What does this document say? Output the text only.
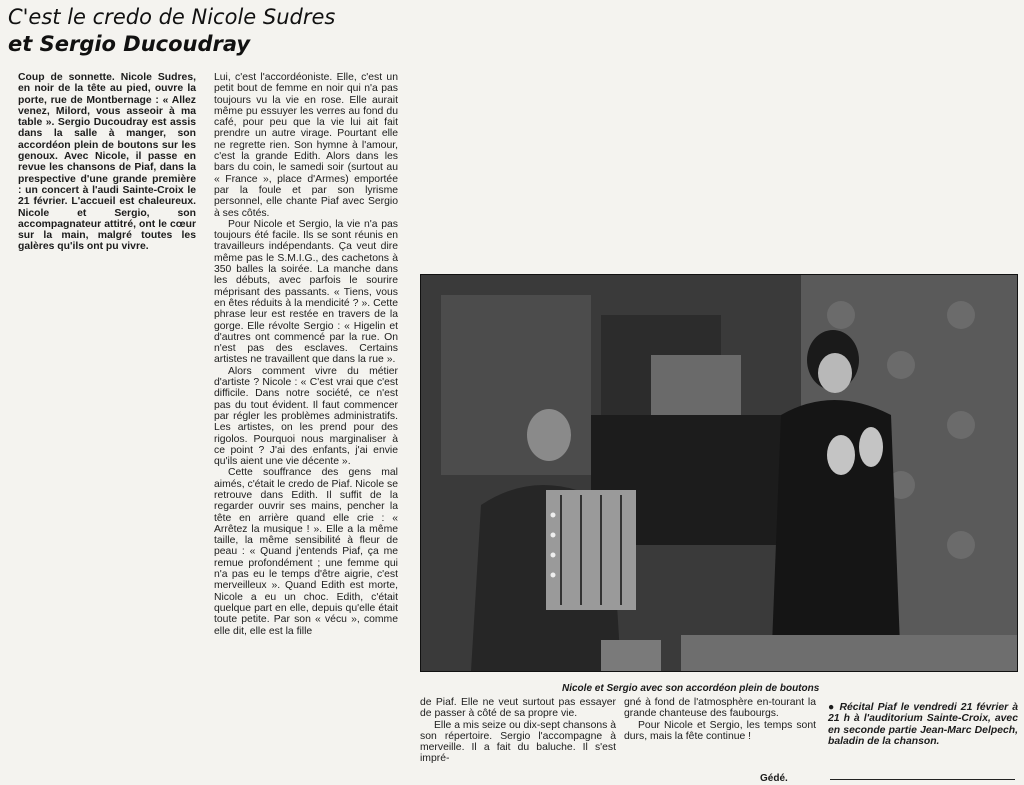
C'est le credo de Nicole Sudres
et Sergio Ducoudray

Coup de sonnette. Nicole Sudres, en noir de la tête au pied, ouvre la porte, rue de Montbernage : « Allez venez, Milord, vous asseoir à ma table ». Sergio Ducoudray est assis dans la salle à manger, son accordéon plein de boutons sur les genoux. Avec Nicole, il passe en revue les chansons de Piaf, dans la prespective d'une grande première : un concert à l'audi Sainte-Croix le 21 février. L'accueil est chaleureux. Nicole et Sergio, son accompagnateur attitré, ont le cœur sur la main, malgré toutes les galères qu'ils ont pu vivre.

Lui, c'est l'accordéoniste. Elle, c'est un petit bout de femme en noir qui n'a pas toujours vu la vie en rose. Elle aurait même pu essuyer les verres au fond du café, pour peu que la vie lui ait fait prendre un autre virage. Pourtant elle ne regrette rien. Son hymne à l'amour, c'est la grande Edith. Alors dans les bars du coin, le samedi soir (surtout au « France », place d'Armes) emportée par la foule et par son lyrisme personnel, elle chante Piaf avec Sergio à ses côtés.

Pour Nicole et Sergio, la vie n'a pas toujours été facile. Ils se sont réunis en travailleurs indépendants. Ça veut dire même pas le S.M.I.G., des cachetons à 350 balles la soirée. La manche dans les débuts, avec parfois le sourire méprisant des passants. « Tiens, vous en êtes réduits à la mendicité ? ». Cette phrase leur est restée en travers de la gorge. Elle révolte Sergio : « Higelin et d'autres ont commencé par la rue. On n'est pas des esclaves. Certains artistes ne travaillent que dans la rue ».

Alors comment vivre du métier d'artiste ? Nicole : « C'est vrai que c'est difficile. Dans notre société, ce n'est pas du tout évident. Il faut commencer par régler les problèmes administratifs. Les artistes, on les prend pour des rigolos. Pourquoi nous marginaliser à ce point ? J'ai des enfants, j'ai envie qu'ils aient une vie décente ».

Cette souffrance des gens mal aimés, c'était le credo de Piaf. Nicole se retrouve dans Edith. Il suffit de la regarder ouvrir ses mains, pencher la tête en arrière quand elle crie : « Arrêtez la musique ! ». Elle a la même taille, la même sensibilité à fleur de peau : « Quand j'entends Piaf, ça me remue profondément ; une femme qui n'a pas eu le temps d'être aigrie, c'est merveilleux ». Quand Edith est morte, Nicole a eu un choc. Edith, c'était quelque part en elle, depuis qu'elle était toute petite. Par son « vécu », comme elle dit, elle est la fille

Nicole et Sergio avec son accordéon plein de boutons

de Piaf. Elle ne veut surtout pas essayer de passer à côté de sa propre vie.

Elle a mis seize ou dix-sept chansons à son répertoire. Sergio l'accompagne à merveille. Il a fait du baluche. Il s'est impré-

gné à fond de l'atmosphère en-tourant la grande chanteuse des faubourgs.

Pour Nicole et Sergio, les temps sont durs, mais la fête continue !

Gédé.

● Récital Piaf le vendredi 21 février à 21 h à l'auditorium Sainte-Croix, avec en seconde partie Jean-Marc Delpech, baladin de la chanson.
